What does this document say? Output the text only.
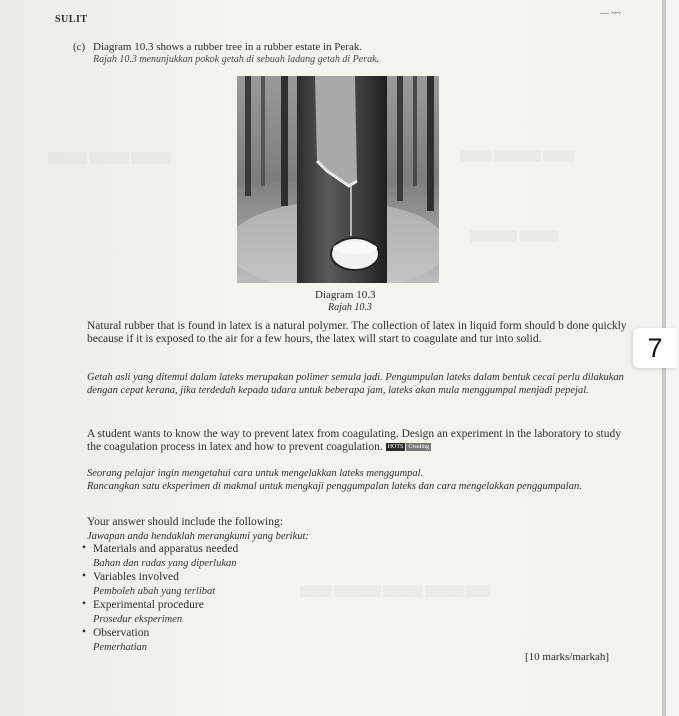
▒▒▒▒▒ ▒▒▒▒▒ ▒▒▒▒▒	▒▒▒▒ ▒▒▒▒▒▒ ▒▒▒▒
▒▒▒▒▒▒ ▒▒▒▒▒
▒▒▒▒ ▒▒▒▒▒▒ ▒▒▒▒▒ ▒▒▒▒▒ ▒▒▒
SULIT
— ~~
(c) Diagram 10.3 shows a rubber tree in a rubber estate in Perak.
Rajah 10.3 menunjukkan pokok getah di sebuah ladang getah di Perak.
Diagram 10.3
Rajah 10.3
Natural rubber that is found in latex is a natural polymer. The collection of latex in liquid form should b done quickly because if it is exposed to the air for a few hours, the latex will start to coagulate and tur into solid.
Getah asli yang ditemui dalam lateks merupakan polimer semula jadi. Pengumpulan lateks dalam bentuk cecai perlu dilakukan dengan cepat kerana, jika terdedah kepada udara untuk beberapa jam, lateks akan mula menggumpal menjadi pepejal.
A student wants to know the way to prevent latex from coagulating. Design an experiment in the laboratory to study the coagulation process in latex and how to prevent coagulation. HOTS Creating
Seorang pelajar ingin mengetahui cara untuk mengelakkan lateks menggumpal.
Rancangkan satu eksperimen di makmal untuk mengkaji penggumpalan lateks dan cara mengelakkan penggumpalan.
Your answer should include the following:
Jawapan anda hendaklah merangkumi yang berikut:
• Materials and apparatus needed
Bahan dan radas yang diperlukan
• Variables involved
Pemboleh ubah yang terlibat
• Experimental procedure
Prosedur eksperimen
• Observation
Pemerhatian
[10 marks/markah]
7
